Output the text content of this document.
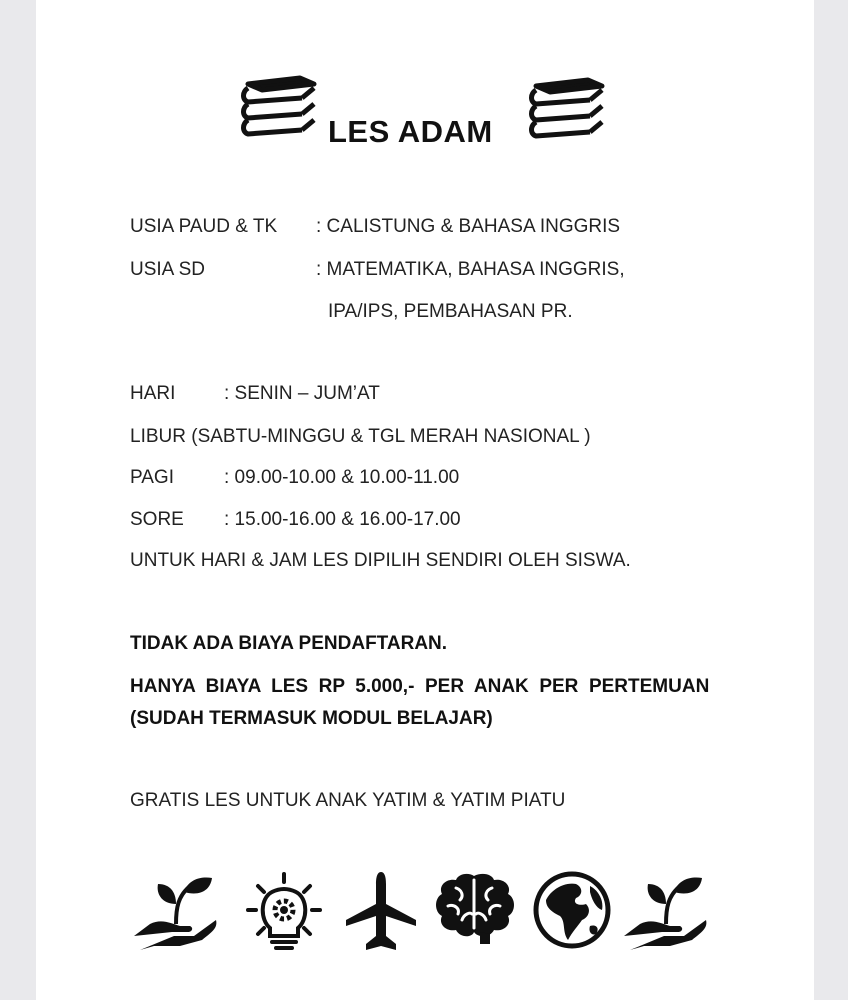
LES ADAM
USIA PAUD & TK : CALISTUNG & BAHASA INGGRIS
USIA SD	: MATEMATIKA, BAHASA INGGRIS,
IPA/IPS, PEMBAHASAN PR.
HARI	: SENIN – JUM’AT
LIBUR (SABTU-MINGGU & TGL MERAH NASIONAL )
PAGI	: 09.00-10.00 & 10.00-11.00
SORE : 15.00-16.00 & 16.00-17.00
UNTUK HARI & JAM LES DIPILIH SENDIRI OLEH SISWA.
TIDAK ADA BIAYA PENDAFTARAN.
HANYA  BIAYA  LES  RP  5.000,-  PER  ANAK  PER  PERTEMUAN
(SUDAH TERMASUK MODUL BELAJAR)
GRATIS LES UNTUK ANAK YATIM & YATIM PIATU
